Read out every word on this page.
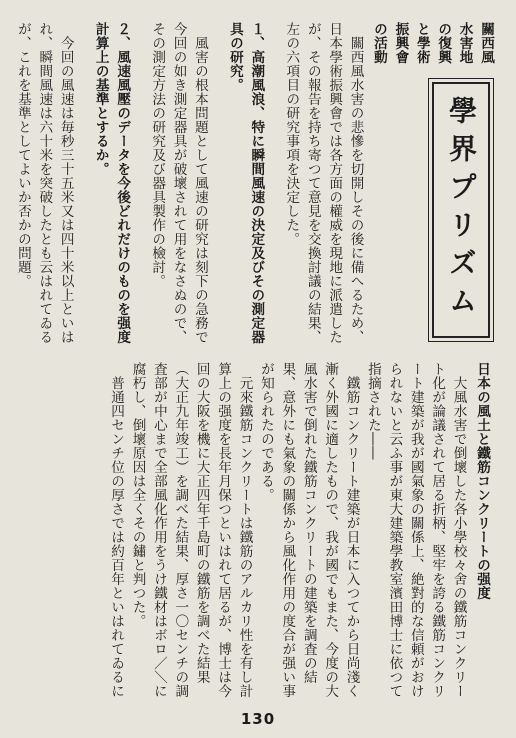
學界プリズム

關西風水害地の復興と學術振興會の活動

關西風水害の悲慘を切開しその後に備へるため、日本學術振興會では各方面の權威を現地に派遣したが、その報告を持ち寄つて意見を交換討議の結果、左の六項目の研究事項を決定した。

１、高潮風浪、特に瞬間風速の決定及びその測定器具の研究。

風害の根本問題として風速の研究は刻下の急務で今回の如き測定器具が破壞されて用をなさぬので、その測定方法の研究及び器具製作の檢討。

２、風速風壓のデータを今後どれだけのものを强度計算上の基準とするか。

今回の風速は毎秒三十五米又は四十米以上といはれ、瞬間風速は六十米を突破したとも云はれてゐるが、これを基準としてよいか否かの問題。

日本の風土と鐵筋コンクリートの强度

大風水害で倒壞した各小學校々舍の鐵筋コンクリート化が論議されて居る折柄、堅牢を誇る鐵筋コンクリート建築が我が國氣象の關係上、絶對的な信頼がおけられないと云ふ事が東大建築學教室濱田博士に依つて指摘された――

鐵筋コンクリート建築が日本に入つてから日尚淺く漸く外國に適したもので、我が國でもまた、今度の大風水害で倒れた鐵筋コンクリートの建築を調査の結果、意外にも氣象の關係から風化作用の度合が强い事が知られたのである。

元來鐵筋コンクリートは鐵筋のアルカリ性を有し計算上の强度を長年月保つといはれて居るが、博士は今回の大阪を機に大正四年千島町の鐵筋を調べた結果（大正九年竣工）を調べた結果、厚さ一〇センチの調査部が中心まで全部風化作用をうけ鐵材はボロ／＼に腐朽し、倒壞原因は全くその鏽と判つた。

普通四センチ位の厚さでは約百年といはれてゐるに

130
